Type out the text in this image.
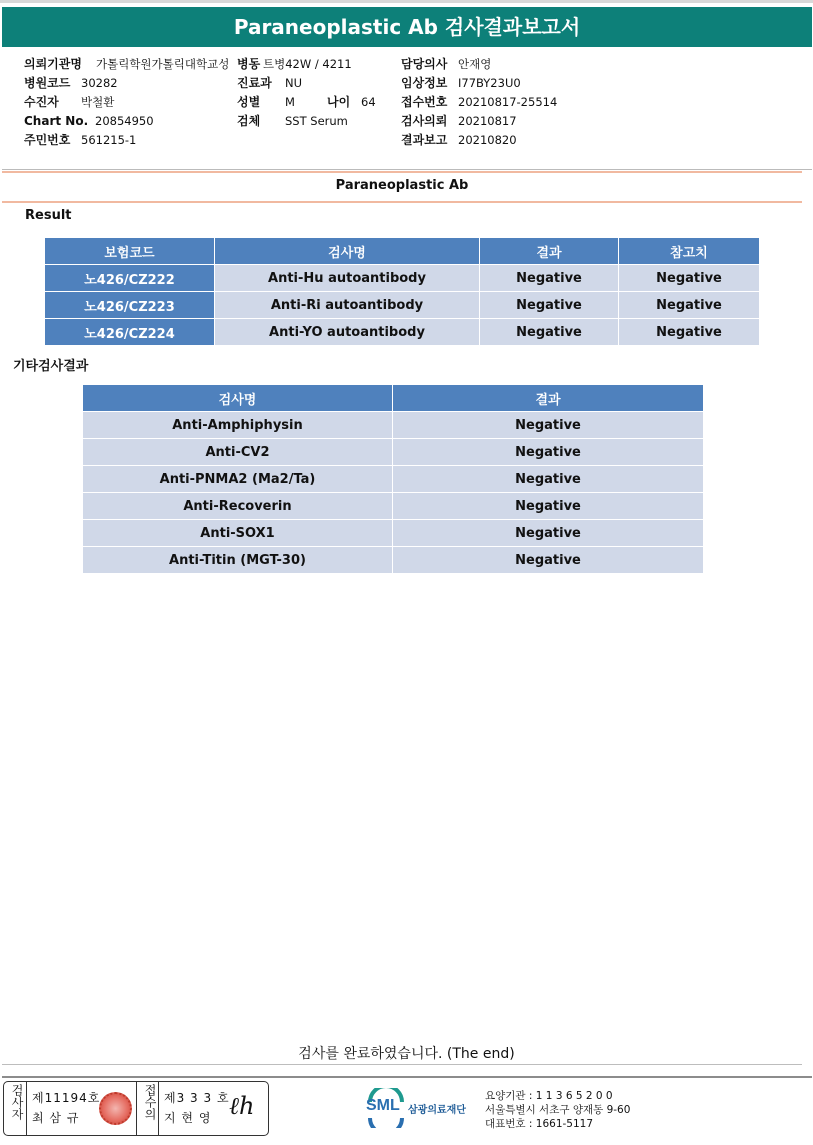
Paraneoplastic Ab 검사결과보고서
의뢰기관명 가톨릭학원가톨릭대학교성
병원코드 30282
수진자 박철환
Chart No. 20854950
주민번호 561215-1
병동 트병42W / 4211
진료과 NU
성별 M	나이 64
검체 SST Serum
담당의사 안재영
임상정보 I77BY23U0
접수번호 20210817-25514
검사의뢰 20210817
결과보고 20210820
Paraneoplastic Ab
Result
보험코드	검사명	결과	참고치
노426/CZ222	Anti-Hu autoantibody	Negative	Negative
노426/CZ223	Anti-Ri autoantibody	Negative	Negative
노426/CZ224	Anti-YO autoantibody	Negative	Negative
기타검사결과
검사명	결과
Anti-Amphiphysin	Negative
Anti-CV2	Negative
Anti-PNMA2 (Ma2/Ta)	Negative
Anti-Recoverin	Negative
Anti-SOX1	Negative
Anti-Titin (MGT-30)	Negative
검사를 완료하였습니다. (The end)
검사자 제11194호
최 삼 규	접수의 제3 3 3 호
지 현 영 ℓh	SML 삼광의료재단
요양기관 : 1 1 3 6 5 2 0 0
서울특별시 서초구 양재동 9-60
대표번호 : 1661-5117
